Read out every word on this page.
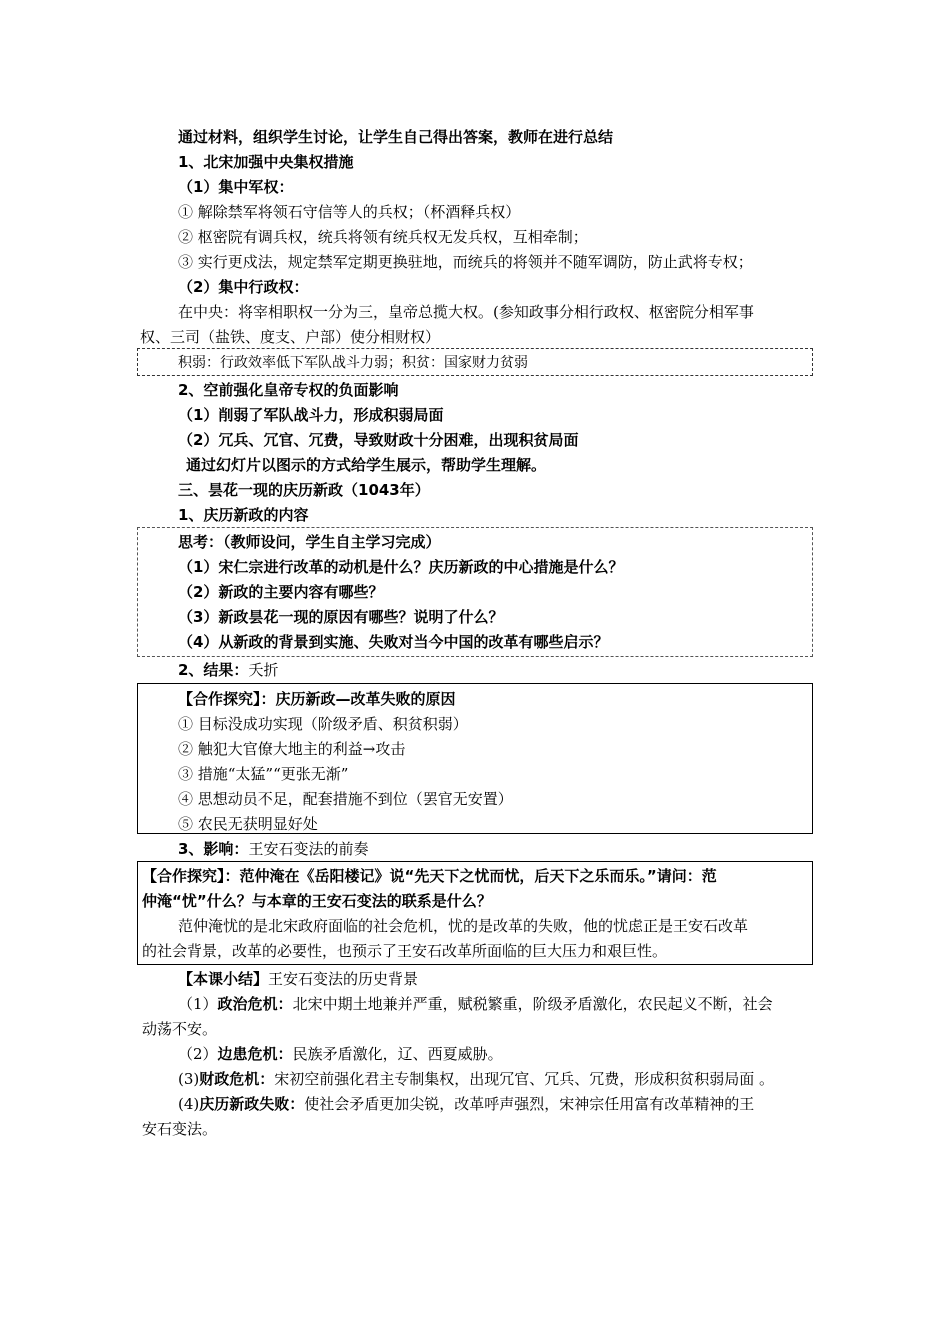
通过材料，组织学生讨论，让学生自己得出答案，教师在进行总结
1、北宋加强中央集权措施
（1）集中军权：
① 解除禁军将领石守信等人的兵权；（杯酒释兵权）
② 枢密院有调兵权，统兵将领有统兵权无发兵权，互相牵制；
③ 实行更戍法，规定禁军定期更换驻地，而统兵的将领并不随军调防，防止武将专权；
（2）集中行政权：
在中央：将宰相职权一分为三，皇帝总揽大权。(参知政事分相行政权、枢密院分相军事
权、三司（盐铁、度支、户部）使分相财权）
积弱：行政效率低下军队战斗力弱；积贫：国家财力贫弱
2、空前强化皇帝专权的负面影响
（1）削弱了军队战斗力，形成积弱局面
（2）冗兵、冗官、冗费，导致财政十分困难，出现积贫局面
通过幻灯片以图示的方式给学生展示，帮助学生理解。
三、昙花一现的庆历新政（1043年）
1、庆历新政的内容
思考：（教师设问，学生自主学习完成）
（1）宋仁宗进行改革的动机是什么？庆历新政的中心措施是什么？
（2）新政的主要内容有哪些？
（3）新政昙花一现的原因有哪些？说明了什么？
（4）从新政的背景到实施、失败对当今中国的改革有哪些启示？
2、结果：夭折
【合作探究】：庆历新政—改革失败的原因
① 目标没成功实现（阶级矛盾、积贫积弱）
② 触犯大官僚大地主的利益→攻击
③ 措施“太猛”“更张无渐”
④ 思想动员不足，配套措施不到位（罢官无安置）
⑤ 农民无获明显好处
3、影响：王安石变法的前奏
【合作探究】：范仲淹在《岳阳楼记》说“先天下之忧而忧，后天下之乐而乐。”请问：范
仲淹“忧”什么？与本章的王安石变法的联系是什么？
范仲淹忧的是北宋政府面临的社会危机，忧的是改革的失败，他的忧虑正是王安石改革
的社会背景，改革的必要性，也预示了王安石改革所面临的巨大压力和艰巨性。
【本课小结】王安石变法的历史背景
（1）政治危机：北宋中期土地兼并严重，赋税繁重，阶级矛盾激化，农民起义不断，社会
动荡不安。
（2）边患危机：民族矛盾激化，辽、西夏威胁。
(3)财政危机：宋初空前强化君主专制集权，出现冗官、冗兵、冗费，形成积贫积弱局面 。
(4)庆历新政失败：使社会矛盾更加尖锐，改革呼声强烈，宋神宗任用富有改革精神的王
安石变法。
